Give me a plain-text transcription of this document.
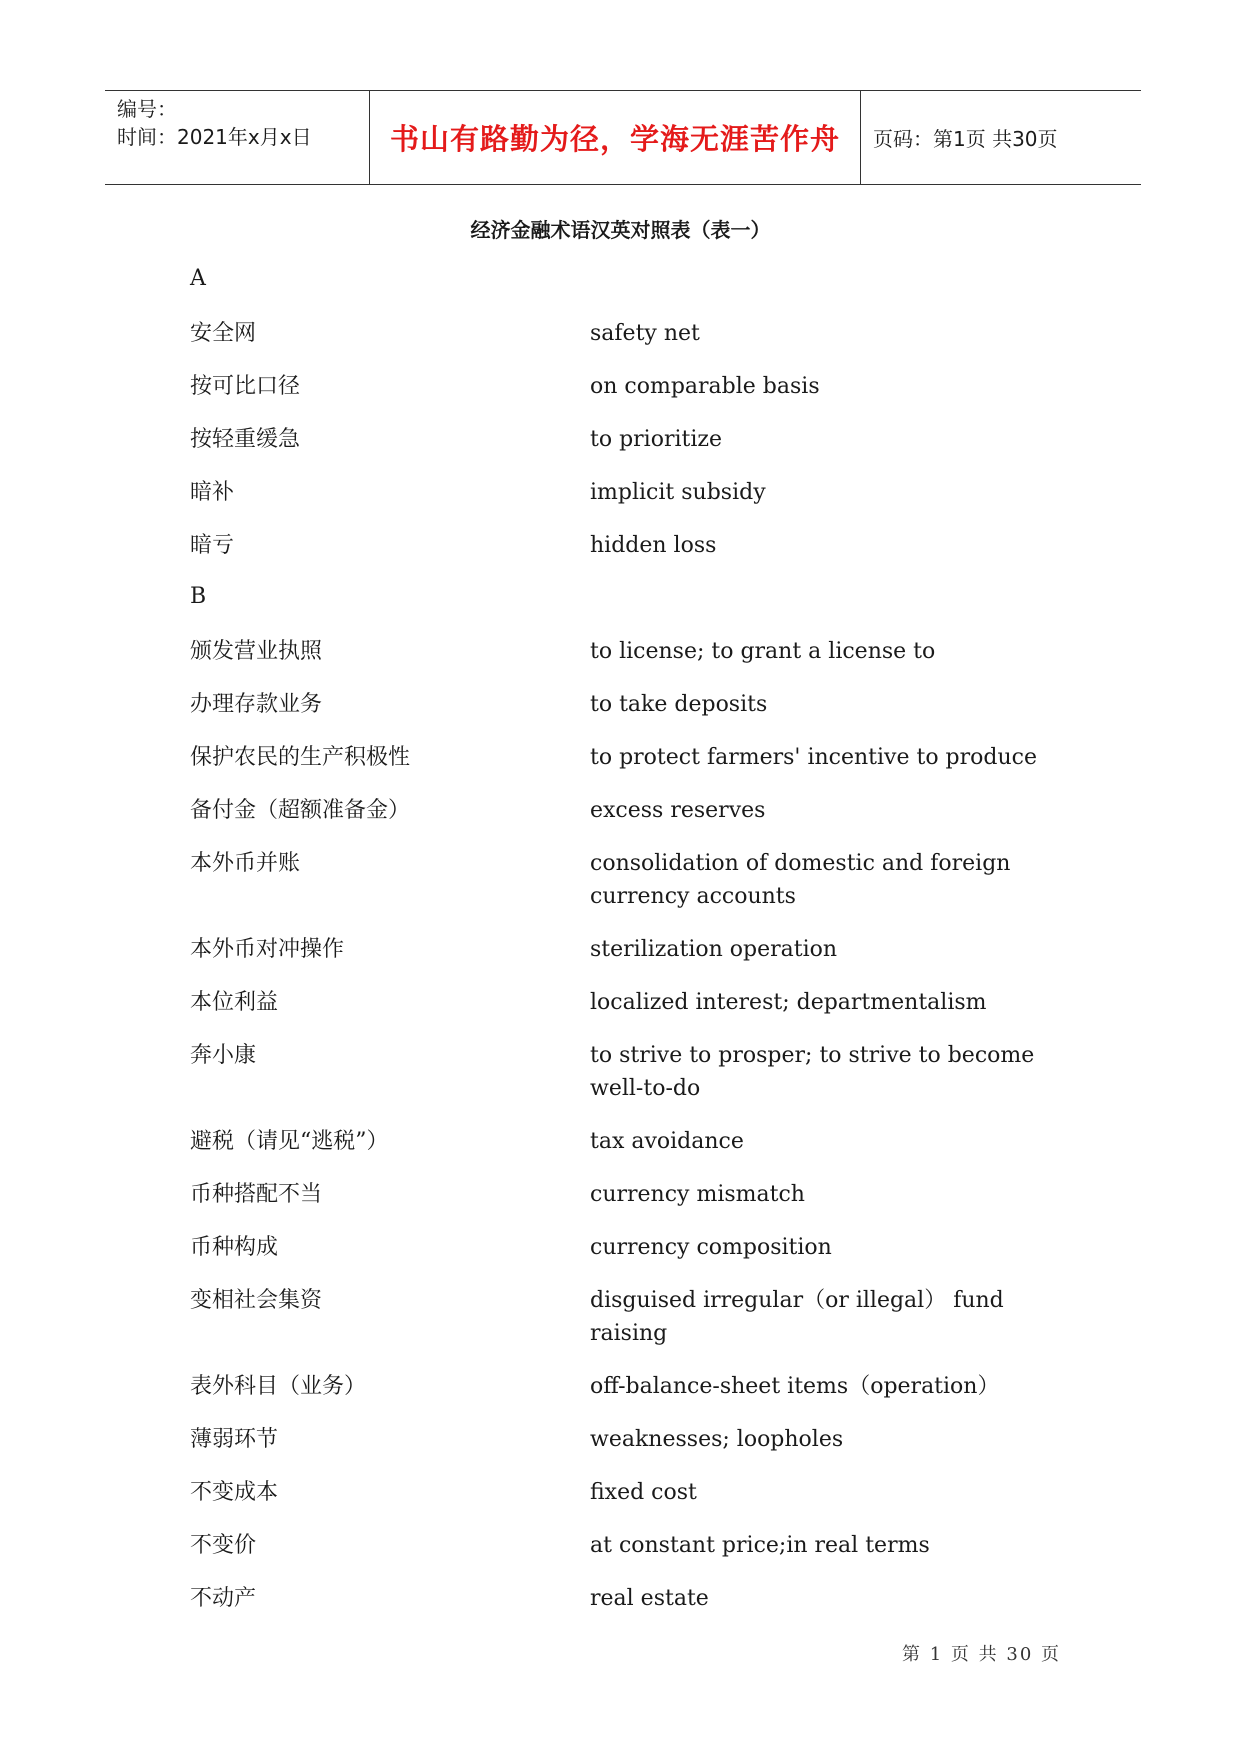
编号：
时间：2021年x月x日	书山有路勤为径，学海无涯苦作舟	页码：第1页 共30页
经济金融术语汉英对照表（表一）
A
安全网	safety net
按可比口径	on comparable basis
按轻重缓急	to prioritize
暗补	implicit subsidy
暗亏	hidden loss
B
颁发营业执照	to license; to grant a license to
办理存款业务	to take deposits
保护农民的生产积极性	to protect farmers' incentive to produce
备付金（超额准备金）	excess reserves
本外币并账	consolidation of domestic and foreign currency accounts
本外币对冲操作	sterilization operation
本位利益	localized interest; departmentalism
奔小康	to strive to prosper; to strive to become well-to-do
避税（请见“逃税”）	tax avoidance
币种搭配不当	currency mismatch
币种构成	currency composition
变相社会集资	disguised irregular（or illegal） fund raising
表外科目（业务）	off-balance-sheet items（operation）
薄弱环节	weaknesses; loopholes
不变成本	fixed cost
不变价	at constant price;in real terms
不动产	real estate
第 1 页 共 30 页
